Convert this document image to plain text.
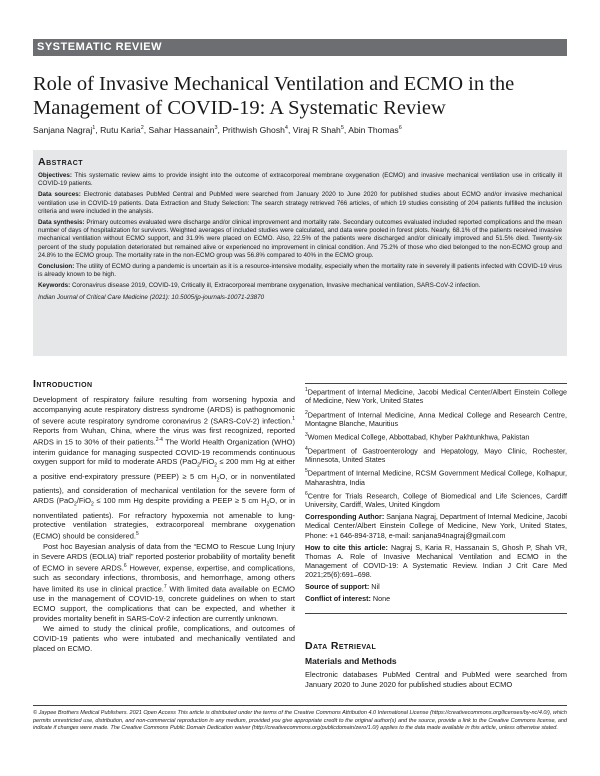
SYSTEMATIC REVIEW
Role of Invasive Mechanical Ventilation and ECMO in the Management of COVID-19: A Systematic Review
Sanjana Nagraj$^1$, Rutu Karia$^2$, Sahar Hassanain$^3$, Prithwish Ghosh$^4$, Viraj R Shah$^5$, Abin Thomas$^6$
Abstract

Objectives: This systematic review aims to provide insight into the outcome of extracorporeal membrane oxygenation (ECMO) and invasive mechanical ventilation use in critically ill COVID-19 patients.

Data sources: Electronic databases PubMed Central and PubMed were searched from January 2020 to June 2020 for published studies about ECMO and/or invasive mechanical ventilation use in COVID-19 patients. Data Extraction and Study Selection: The search strategy retrieved 766 articles, of which 19 studies consisting of 204 patients fulfilled the inclusion criteria and were included in the analysis.

Data synthesis: Primary outcomes evaluated were discharge and/or clinical improvement and mortality rate. Secondary outcomes evaluated included reported complications and the mean number of days of hospitalization for survivors. Weighted averages of included studies were calculated, and data were pooled in forest plots. Nearly, 68.1% of the patients received invasive mechanical ventilation without ECMO support, and 31.9% were placed on ECMO. Also, 22.5% of the patients were discharged and/or clinically improved and 51.5% died. Twenty-six percent of the study population deteriorated but remained alive or experienced no improvement in clinical condition. And 75.2% of those who died belonged to the non-ECMO group and 24.8% to the ECMO group. The mortality rate in the non-ECMO group was 56.8% compared to 40% in the ECMO group.

Conclusion: The utility of ECMO during a pandemic is uncertain as it is a resource-intensive modality, especially when the mortality rate in severely ill patients infected with COVID-19 virus is already known to be high.

Keywords: Coronavirus disease 2019, COVID-19, Critically ill, Extracorporeal membrane oxygenation, Invasive mechanical ventilation, SARS-CoV-2 infection.

Indian Journal of Critical Care Medicine (2021): 10.5005/jp-journals-10071-23870

Introduction

Development of respiratory failure resulting from worsening hypoxia and accompanying acute respiratory distress syndrome (ARDS) is pathognomonic of severe acute respiratory syndrome coronavirus 2 (SARS-CoV-2) infection.$^1$ Reports from Wuhan, China, where the virus was first recognized, reported ARDS in 15 to 30% of their patients.$^{2-4}$ The World Health Organization (WHO) interim guidance for managing suspected COVID-19 recommends continuous oxygen support for mild to moderate ARDS (PaO$_2$/FiO$_2$ ≤ 200 mm Hg at either a positive end-expiratory pressure (PEEP) ≥ 5 cm $H_2O$, or in nonventilated patients), and consideration of mechanical ventilation for the severe form of ARDS (PaO$_2$/FiO$_2$ ≤ 100 mm Hg despite providing a PEEP ≥ 5 cm $H_2O$, or in nonventilated patients). For refractory hypoxemia not amenable to lung-protective ventilation strategies, extracorporeal membrane oxygenation (ECMO) should be considered.$^5$

Post hoc Bayesian analysis of data from the “ECMO to Rescue Lung Injury in Severe ARDS (EOLIA) trial” reported posterior probability of mortality benefit of ECMO in severe ARDS.$^6$ However, expense, expertise, and complications, such as secondary infections, thrombosis, and hemorrhage, among others have limited its use in clinical practice.$^7$ With limited data available on ECMO use in the management of COVID-19, concrete guidelines on when to start ECMO support, the complications that can be expected, and whether it provides mortality benefit in SARS-CoV-2 infection are currently unknown.

We aimed to study the clinical profile, complications, and outcomes of COVID-19 patients who were intubated and mechanically ventilated and placed on ECMO.

$^1$Department of Internal Medicine, Jacobi Medical Center/Albert Einstein College of Medicine, New York, United States

$^2$Department of Internal Medicine, Anna Medical College and Research Centre, Montagne Blanche, Mauritius

$^3$Women Medical College, Abbottabad, Khyber Pakhtunkhwa, Pakistan

$^4$Department of Gastroenterology and Hepatology, Mayo Clinic, Rochester, Minnesota, United States

$^5$Department of Internal Medicine, RCSM Government Medical College, Kolhapur, Maharashtra, India

$^6$Centre for Trials Research, College of Biomedical and Life Sciences, Cardiff University, Cardiff, Wales, United Kingdom

Corresponding Author: Sanjana Nagraj, Department of Internal Medicine, Jacobi Medical Center/Albert Einstein College of Medicine, New York, United States, Phone: +1 646-894-3718, e-mail: sanjana94nagraj@gmail.com

How to cite this article: Nagraj S, Karia R, Hassanain S, Ghosh P, Shah VR, Thomas A. Role of Invasive Mechanical Ventilation and ECMO in the Management of COVID-19: A Systematic Review. Indian J Crit Care Med 2021;25(6):691–698.

Source of support: Nil

Conflict of interest: None

Data Retrieval
Materials and Methods

Electronic databases PubMed Central and PubMed were searched from January 2020 to June 2020 for published studies about ECMO

© Jaypee Brothers Medical Publishers. 2021 Open Access This article is distributed under the terms of the Creative Commons Attribution 4.0 International License (https://creativecommons.org/licenses/by-nc/4.0/), which permits unrestricted use, distribution, and non-commercial reproduction in any medium, provided you give appropriate credit to the original author(s) and the source, provide a link to the Creative Commons license, and indicate if changes were made. The Creative Commons Public Domain Dedication waiver (http://creativecommons.org/publicdomain/zero/1.0/) applies to the data made available in this article, unless otherwise stated.
